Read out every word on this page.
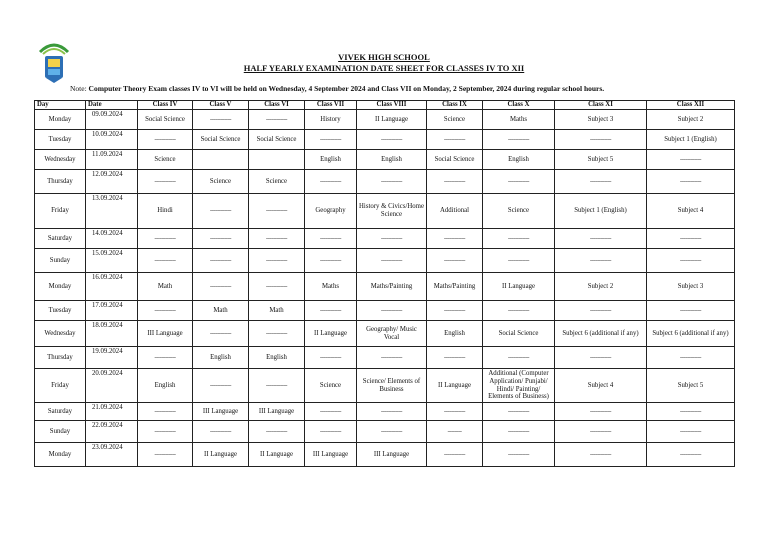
VIVEK HIGH SCHOOL
HALF YEARLY EXAMINATION DATE SHEET FOR CLASSES IV TO XII
Note: Computer Theory Exam classes IV to VI will be held on Wednesday, 4 September 2024 and Class VII on Monday, 2 September, 2024 during regular school hours.
Day	Date	Class IV	Class V	Class VI	Class VII	Class VIII	Class IX	Class X	Class XI	Class XII
Monday	09.09.2024	Social Science	------------	------------	History	II Language	Science	Maths	Subject 3	Subject 2
Tuesday	10.09.2024	------------	Social Science	Social Science	------------	------------	------------	------------	------------	Subject 1 (English)
Wednesday	11.09.2024	Science			English	English	Social Science	English	Subject 5	------------
Thursday	12.09.2024	------------	Science	Science	------------	------------	------------	------------	------------	------------
Friday	13.09.2024	Hindi	------------	------------	Geography	History & Civics/Home Science	Additional	Science	Subject 1 (English)	Subject 4
Saturday	14.09.2024	------------	------------	------------	------------	------------	------------	------------	------------	------------
Sunday	15.09.2024	------------	------------	------------	------------	------------	------------	------------	------------	------------
Monday	16.09.2024	Math	------------	------------	Maths	Maths/Painting	Maths/Painting	II Language	Subject 2	Subject 3
Tuesday	17.09.2024	------------	Math	Math	------------	------------	------------	------------	------------	------------
Wednesday	18.09.2024	III Language	------------	------------	II Language	Geography/ Music Vocal	English	Social Science	Subject 6 (additional if any)	Subject 6 (additional if any)
Thursday	19.09.2024	------------	English	English	------------	------------	------------	------------	------------	------------
Friday	20.09.2024	English	------------	------------	Science	Science/ Elements of Business	II Language	Additional (Computer Application/ Punjabi/ Hindi/ Painting/ Elements of Business)	Subject 4	Subject 5
Saturday	21.09.2024	------------	III Language	III Language	------------	------------	------------	------------	------------	------------
Sunday	22.09.2024	------------	------------	------------	------------	------------	--------	------------	------------	------------
Monday	23.09.2024	------------	II Language	II Language	III Language	III Language	------------	------------	------------	------------
